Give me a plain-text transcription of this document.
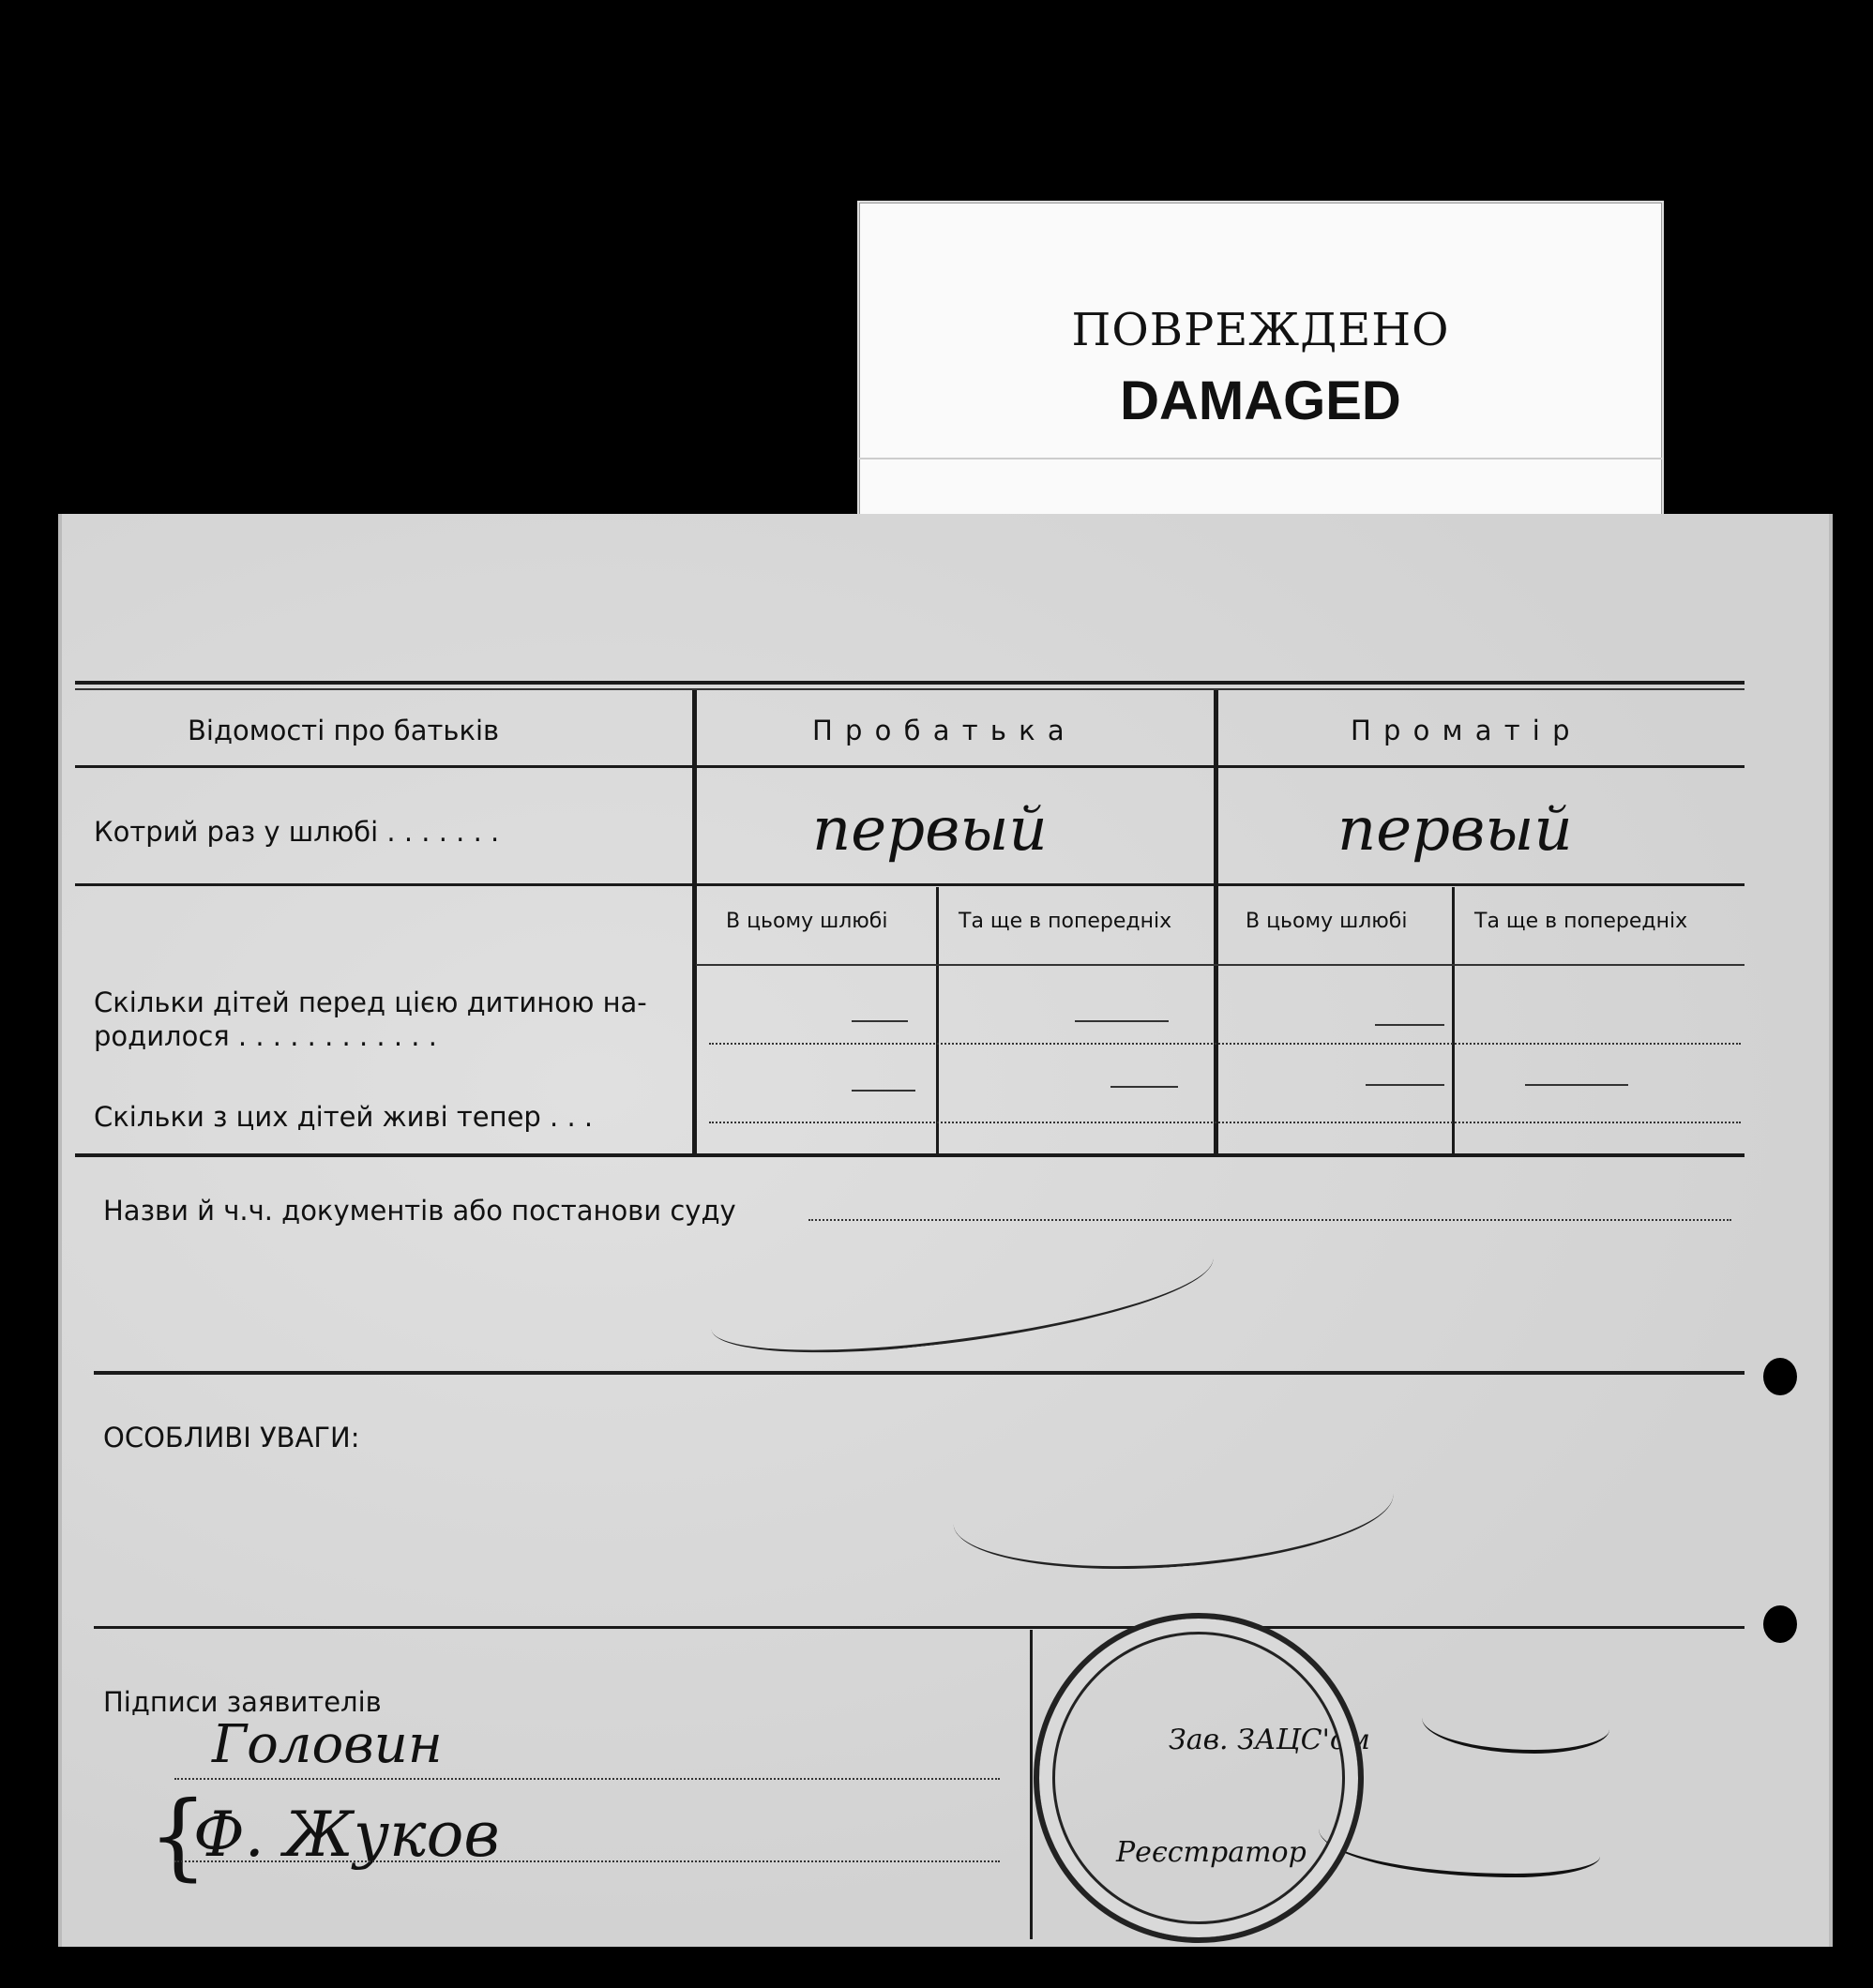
ПОВРЕЖДЕНО
DAMAGED
Відомості про батьків	П р о б а т ь к а	П р о м а т і р
Котрий раз у шлюбі . . . . . . .	первый	первый
В цьому шлюбі	Та ще в попередніх	В цьому шлюбі	Та ще в попередніх
Скільки дітей перед цією дитиною на-
родилося . . . . . . . . . . . .
Скільки з цих дітей живі тепер . . .
Назви й ч.ч. документів або постанови суду
ОСОБЛИВІ УВАГИ:
Підписи заявителів
Головин
{
Ф. Жуков
Зав. ЗАЦС'ом
Реєстратор
